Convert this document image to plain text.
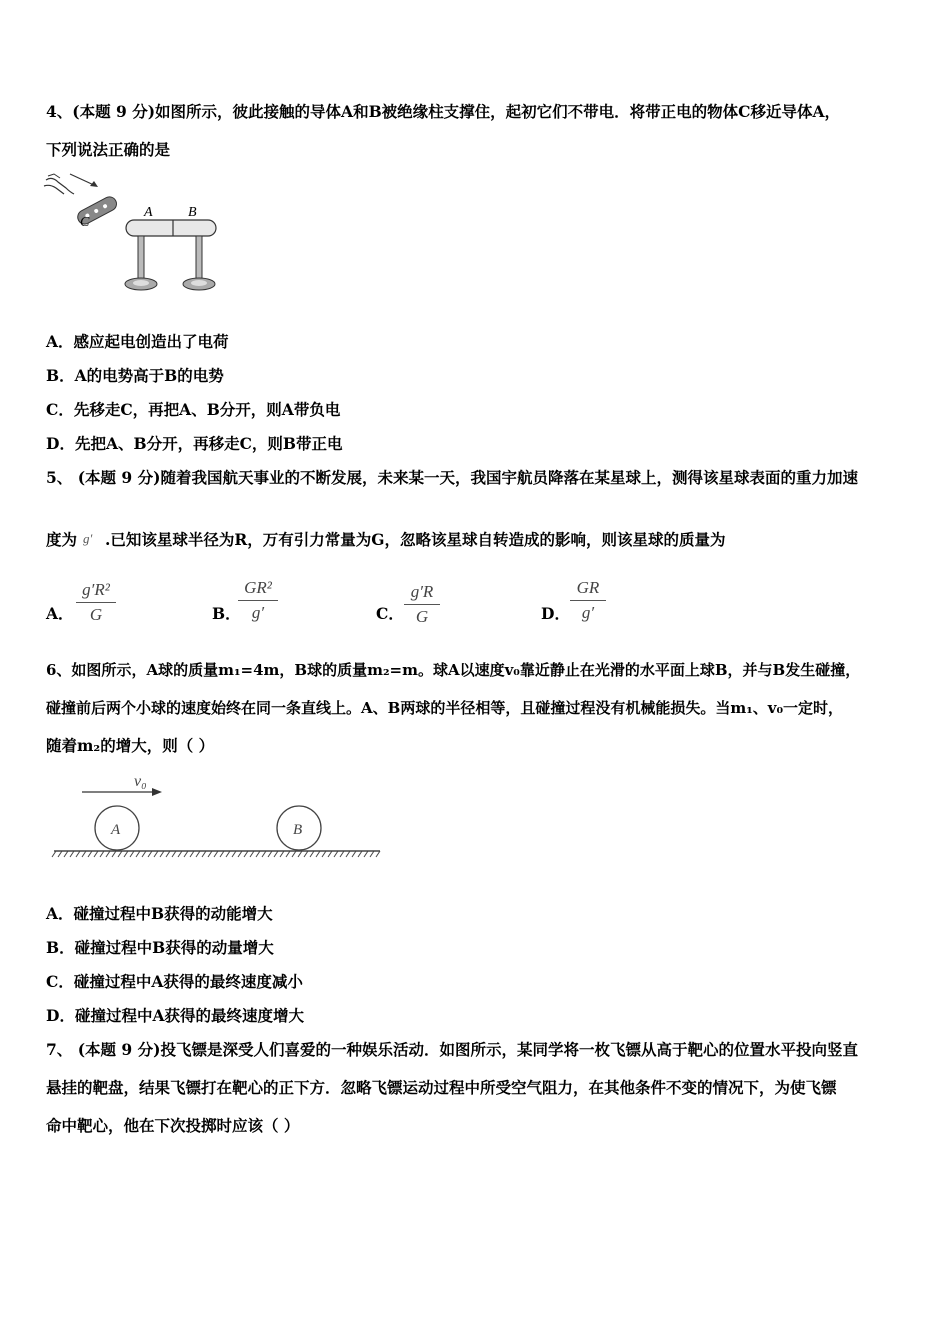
4、(本题 9 分)如图所示，彼此接触的导体A和B被绝缘柱支撑住，起初它们不带电．将带正电的物体C移近导体A，
下列说法正确的是
A	B
C
A．感应起电创造出了电荷
B．A的电势高于B的电势
C．先移走C，再把A、B分开，则A带负电
D．先把A、B分开，再移走C，则B带正电
5、 (本题 9 分)随着我国航天事业的不断发展，未来某一天，我国宇航员降落在某星球上，测得该星球表面的重力加速
度为 g′ .已知该星球半径为R，万有引力常量为G，忽略该星球自转造成的影响，则该星球的质量为
A．
g′R²
G	B．
GR²
g′	C．
g′R
G	D．
GR
g′
6、如图所示，A球的质量m₁=4m，B球的质量m₂=m。球A以速度v₀靠近静止在光滑的水平面上球B，并与B发生碰撞，
碰撞前后两个小球的速度始终在同一条直线上。A、B两球的半径相等，且碰撞过程没有机械能损失。当m₁、v₀一定时，
随着m₂的增大，则（ ）
v₀
A	B
A．碰撞过程中B获得的动能增大
B．碰撞过程中B获得的动量增大
C．碰撞过程中A获得的最终速度减小
D．碰撞过程中A获得的最终速度增大
7、 (本题 9 分)投飞镖是深受人们喜爱的一种娱乐活动．如图所示，某同学将一枚飞镖从高于靶心的位置水平投向竖直
悬挂的靶盘，结果飞镖打在靶心的正下方．忽略飞镖运动过程中所受空气阻力，在其他条件不变的情况下，为使飞镖
命中靶心，他在下次投掷时应该（ ）
